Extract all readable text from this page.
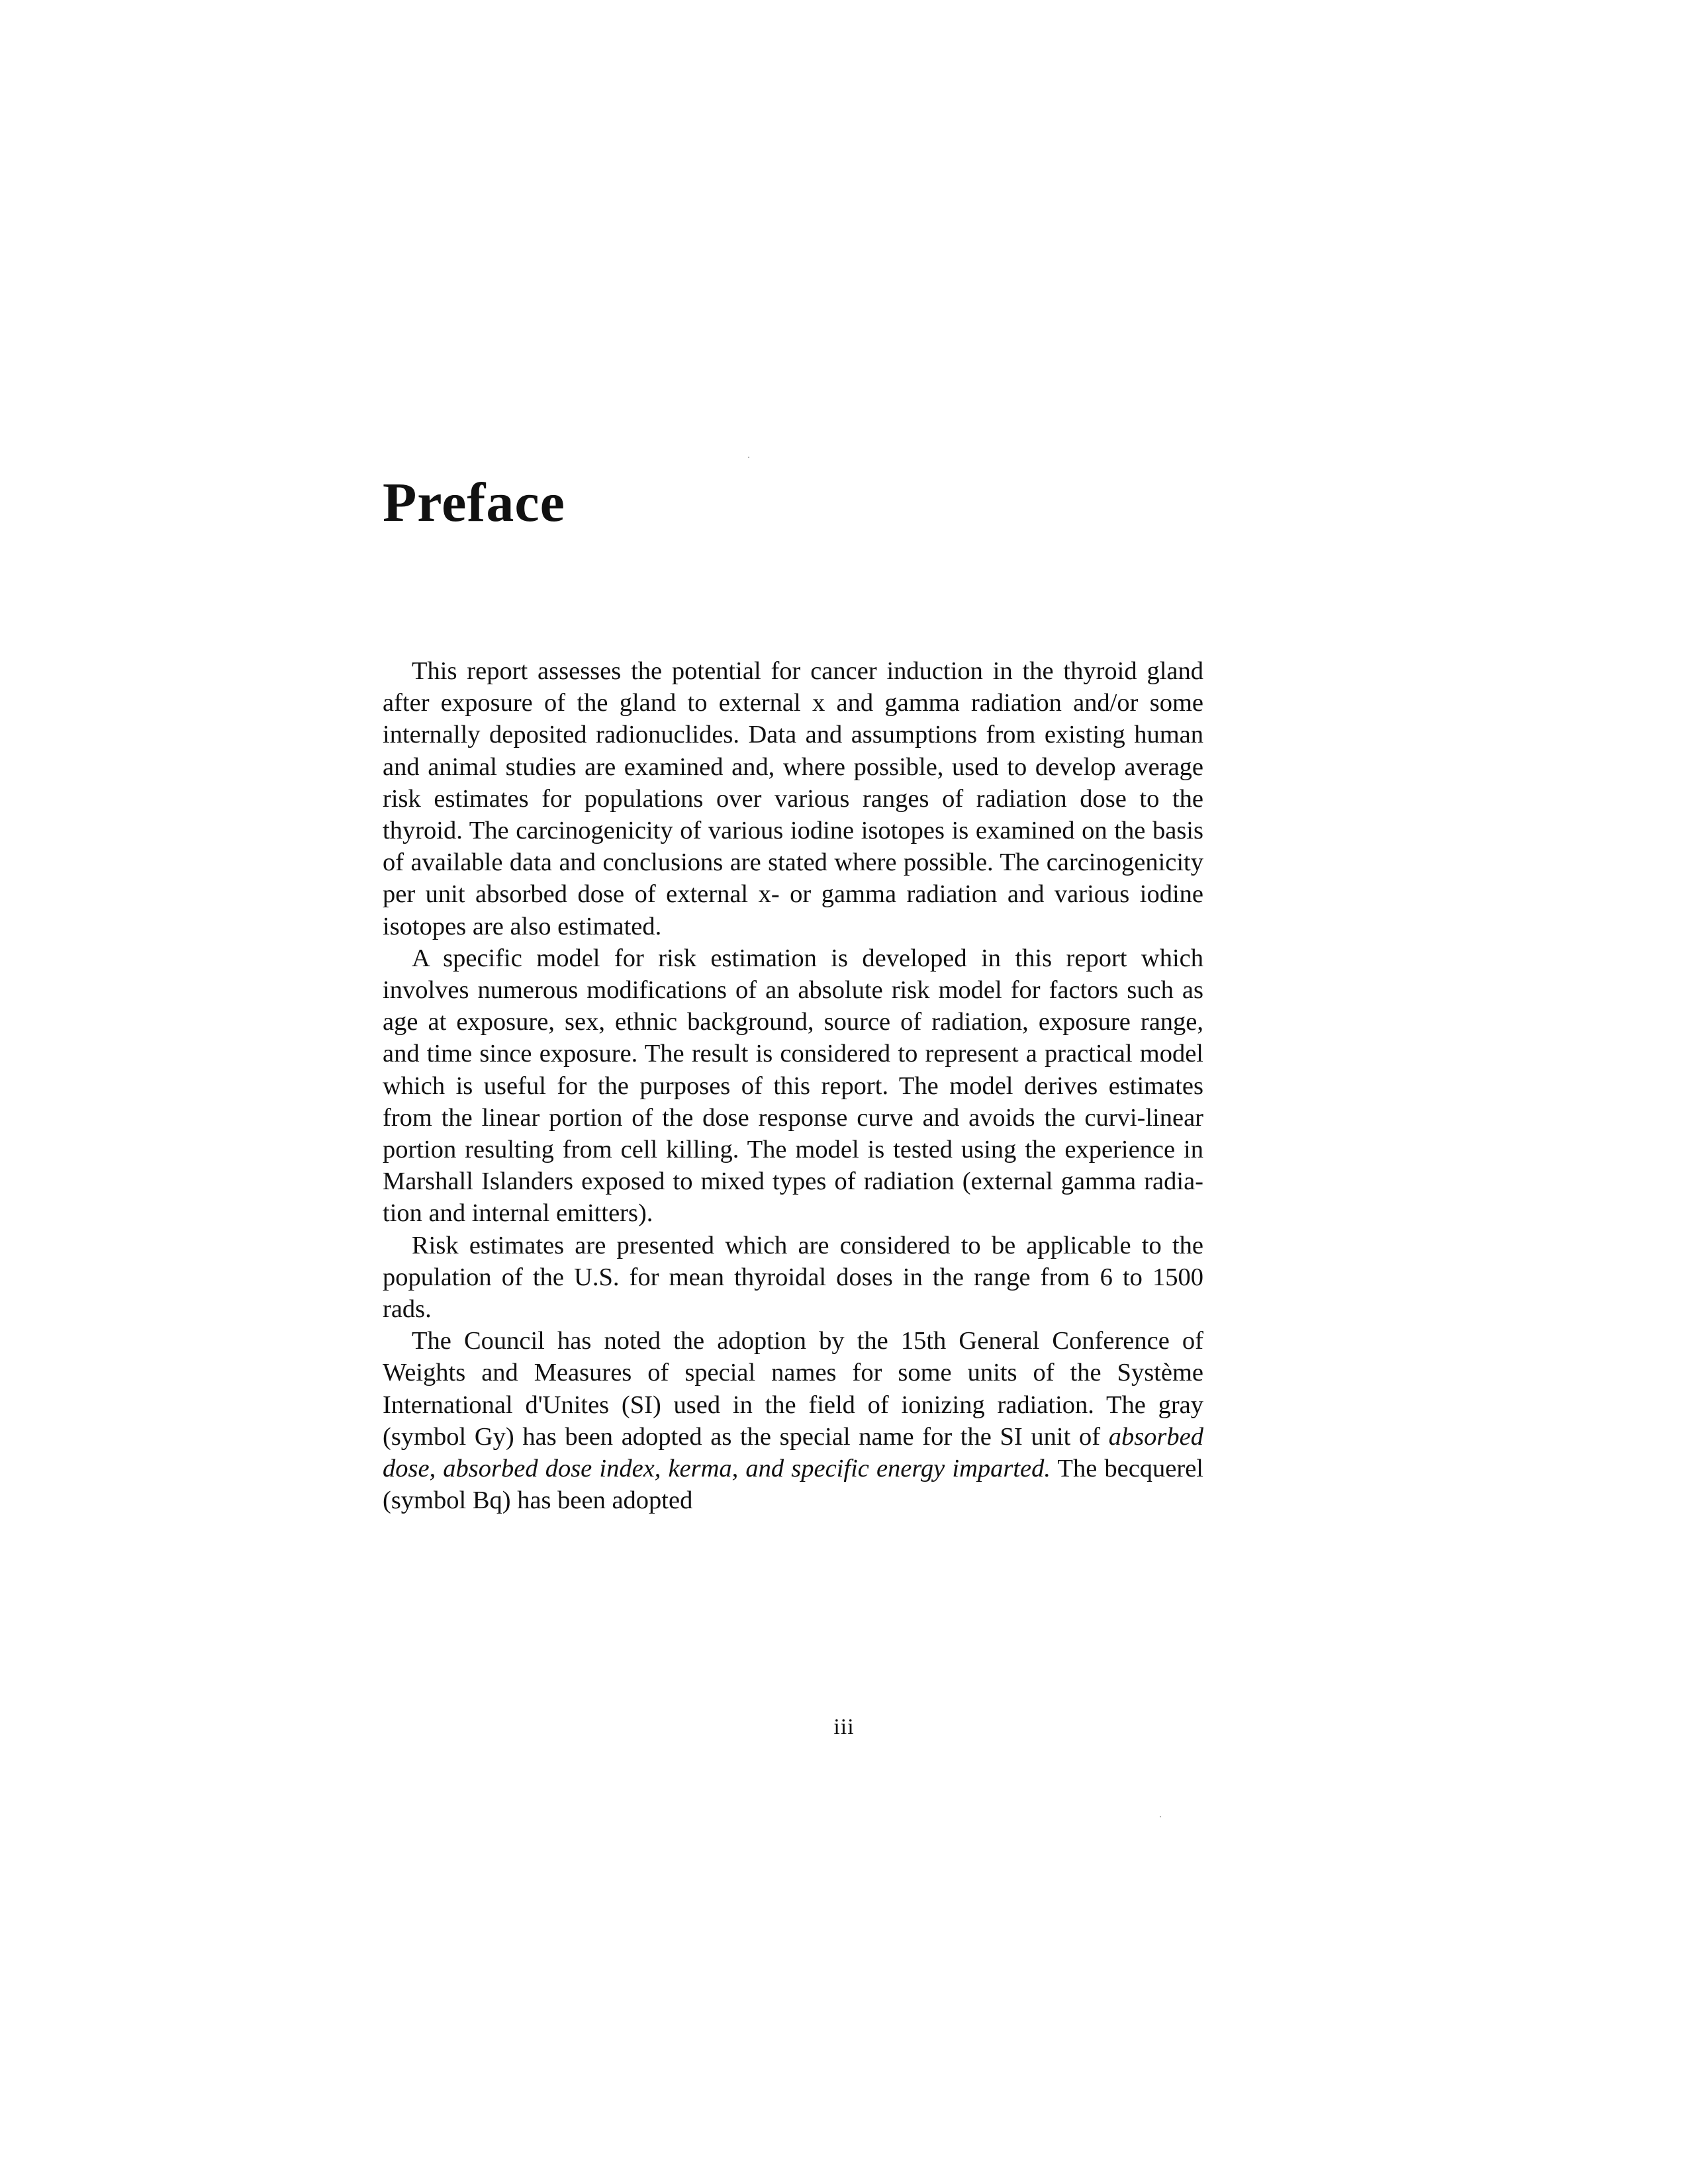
Preface

This report assesses the potential for cancer induction in the thyroid gland after exposure of the gland to external x and gamma radiation and/or some internally deposited radionuclides. Data and assumptions from existing human and animal studies are examined and, where possible, used to develop average risk estimates for populations over various ranges of radiation dose to the thyroid. The carcinogenicity of various iodine isotopes is examined on the basis of available data and conclusions are stated where possible. The carcinogenicity per unit absorbed dose of external x- or gamma radiation and various iodine isotopes are also estimated.

A specific model for risk estimation is developed in this report which involves numerous modifications of an absolute risk model for factors such as age at exposure, sex, ethnic background, source of radiation, exposure range, and time since exposure. The result is considered to represent a practical model which is useful for the purposes of this report. The model derives estimates from the linear portion of the dose response curve and avoids the curvi-linear portion resulting from cell killing. The model is tested using the experience in Marshall Islanders exposed to mixed types of radiation (external gamma radiation and internal emitters).

Risk estimates are presented which are considered to be applicable to the population of the U.S. for mean thyroidal doses in the range from 6 to 1500 rads.

The Council has noted the adoption by the 15th General Conference of Weights and Measures of special names for some units of the Système International d'Unites (SI) used in the field of ionizing radiation. The gray (symbol Gy) has been adopted as the special name for the SI unit of absorbed dose, absorbed dose index, kerma, and specific energy imparted. The becquerel (symbol Bq) has been adopted

iii
